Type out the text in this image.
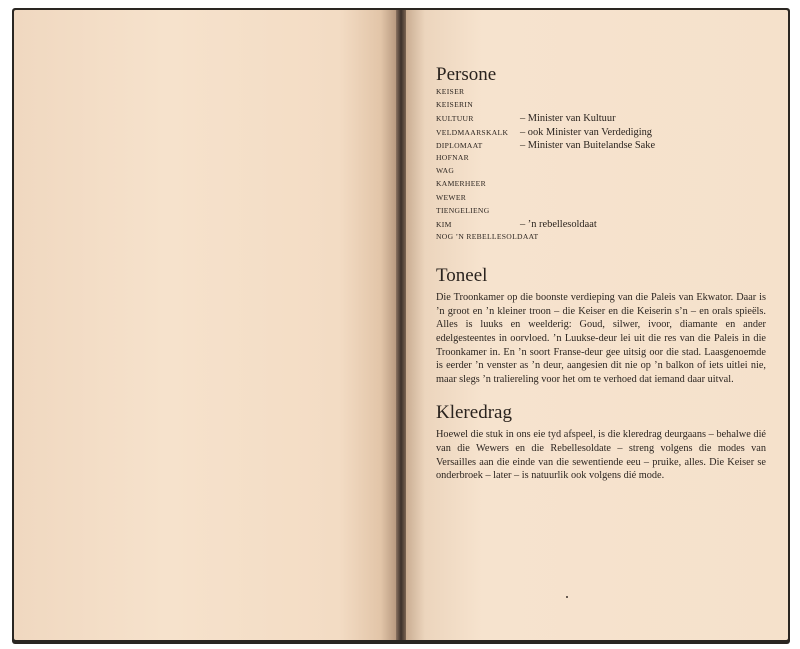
Persone
KEISER
KEISERIN
KULTUUR	– Minister van Kultuur
VELDMAARSKALK	– ook Minister van Verdediging
DIPLOMAAT	– Minister van Buitelandse Sake
HOFNAR
WAG
KAMERHEER
WEWER
TIENGELIENG
KIM	– ’n rebellesoldaat
NOG ’N REBELLESOLDAAT
Toneel

Die Troonkamer op die boonste verdieping van die Paleis van Ekwator. Daar is ’n groot en ’n kleiner troon – die Keiser en die Keiserin s’n – en orals spieëls. Alles is luuks en weelderig: Goud, silwer, ivoor, diamante en ander edelgesteentes in oorvloed. ’n Luukse-deur lei uit die res van die Paleis in die Troonkamer in. En ’n soort Franse-deur gee uitsig oor die stad. Laasgenoemde is eerder ’n venster as ’n deur, aangesien dit nie op ’n balkon of iets uitlei nie, maar slegs ’n traliereling voor het om te verhoed dat iemand daar uitval.

Kleredrag

Hoewel die stuk in ons eie tyd afspeel, is die kleredrag deurgaans – behalwe dié van die Wewers en die Rebellesoldate – streng volgens die modes van Versailles aan die einde van die sewentiende eeu – pruike, alles. Die Keiser se onderbroek – later – is natuurlik ook volgens dié mode.
